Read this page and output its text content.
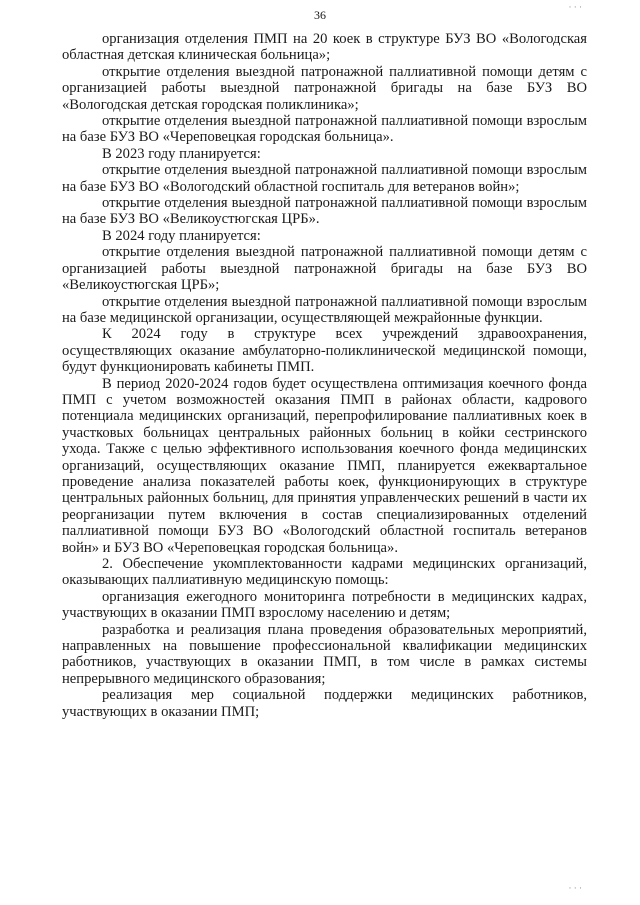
· · ·
36

организация отделения ПМП на 20 коек в структуре БУЗ ВО «Вологодская областная детская клиническая больница»;

открытие отделения выездной патронажной паллиативной помощи детям с организацией работы выездной патронажной бригады на базе БУЗ ВО «Вологодская детская городская поликлиника»;

открытие отделения выездной патронажной паллиативной помощи взрослым на базе БУЗ ВО «Череповецкая городская больница».

В 2023 году планируется:

открытие отделения выездной патронажной паллиативной помощи взрослым на базе БУЗ ВО «Вологодский областной госпиталь для ветеранов войн»;

открытие отделения выездной патронажной паллиативной помощи взрослым на базе БУЗ ВО «Великоустюгская ЦРБ».

В 2024 году планируется:

открытие отделения выездной патронажной паллиативной помощи детям с организацией работы выездной патронажной бригады на базе БУЗ ВО «Великоустюгская ЦРБ»;

открытие отделения выездной патронажной паллиативной помощи взрослым на базе медицинской организации, осуществляющей межрайонные функции.

К 2024 году в структуре всех учреждений здравоохранения, осуществляющих оказание амбулаторно-поликлинической медицинской помощи, будут функционировать кабинеты ПМП.

В период 2020-2024 годов будет осуществлена оптимизация коечного фонда ПМП с учетом возможностей оказания ПМП в районах области, кадрового потенциала медицинских организаций, перепрофилирование паллиативных коек в участковых больницах центральных районных больниц в койки сестринского ухода. Также с целью эффективного использования коечного фонда медицинских организаций, осуществляющих оказание ПМП, планируется ежеквартальное проведение анализа показателей работы коек, функционирующих в структуре центральных районных больниц, для принятия управленческих решений в части их реорганизации путем включения в состав специализированных отделений паллиативной помощи БУЗ ВО «Вологодский областной госпиталь ветеранов войн» и БУЗ ВО «Череповецкая городская больница».

2. Обеспечение укомплектованности кадрами медицинских организаций, оказывающих паллиативную медицинскую помощь:

организация ежегодного мониторинга потребности в медицинских кадрах, участвующих в оказании ПМП взрослому населению и детям;

разработка и реализация плана проведения образовательных мероприятий, направленных на повышение профессиональной квалификации медицинских работников, участвующих в оказании ПМП, в том числе в рамках системы непрерывного медицинского образования;

реализация мер социальной поддержки медицинских работников, участвующих в оказании ПМП;

· · ·
